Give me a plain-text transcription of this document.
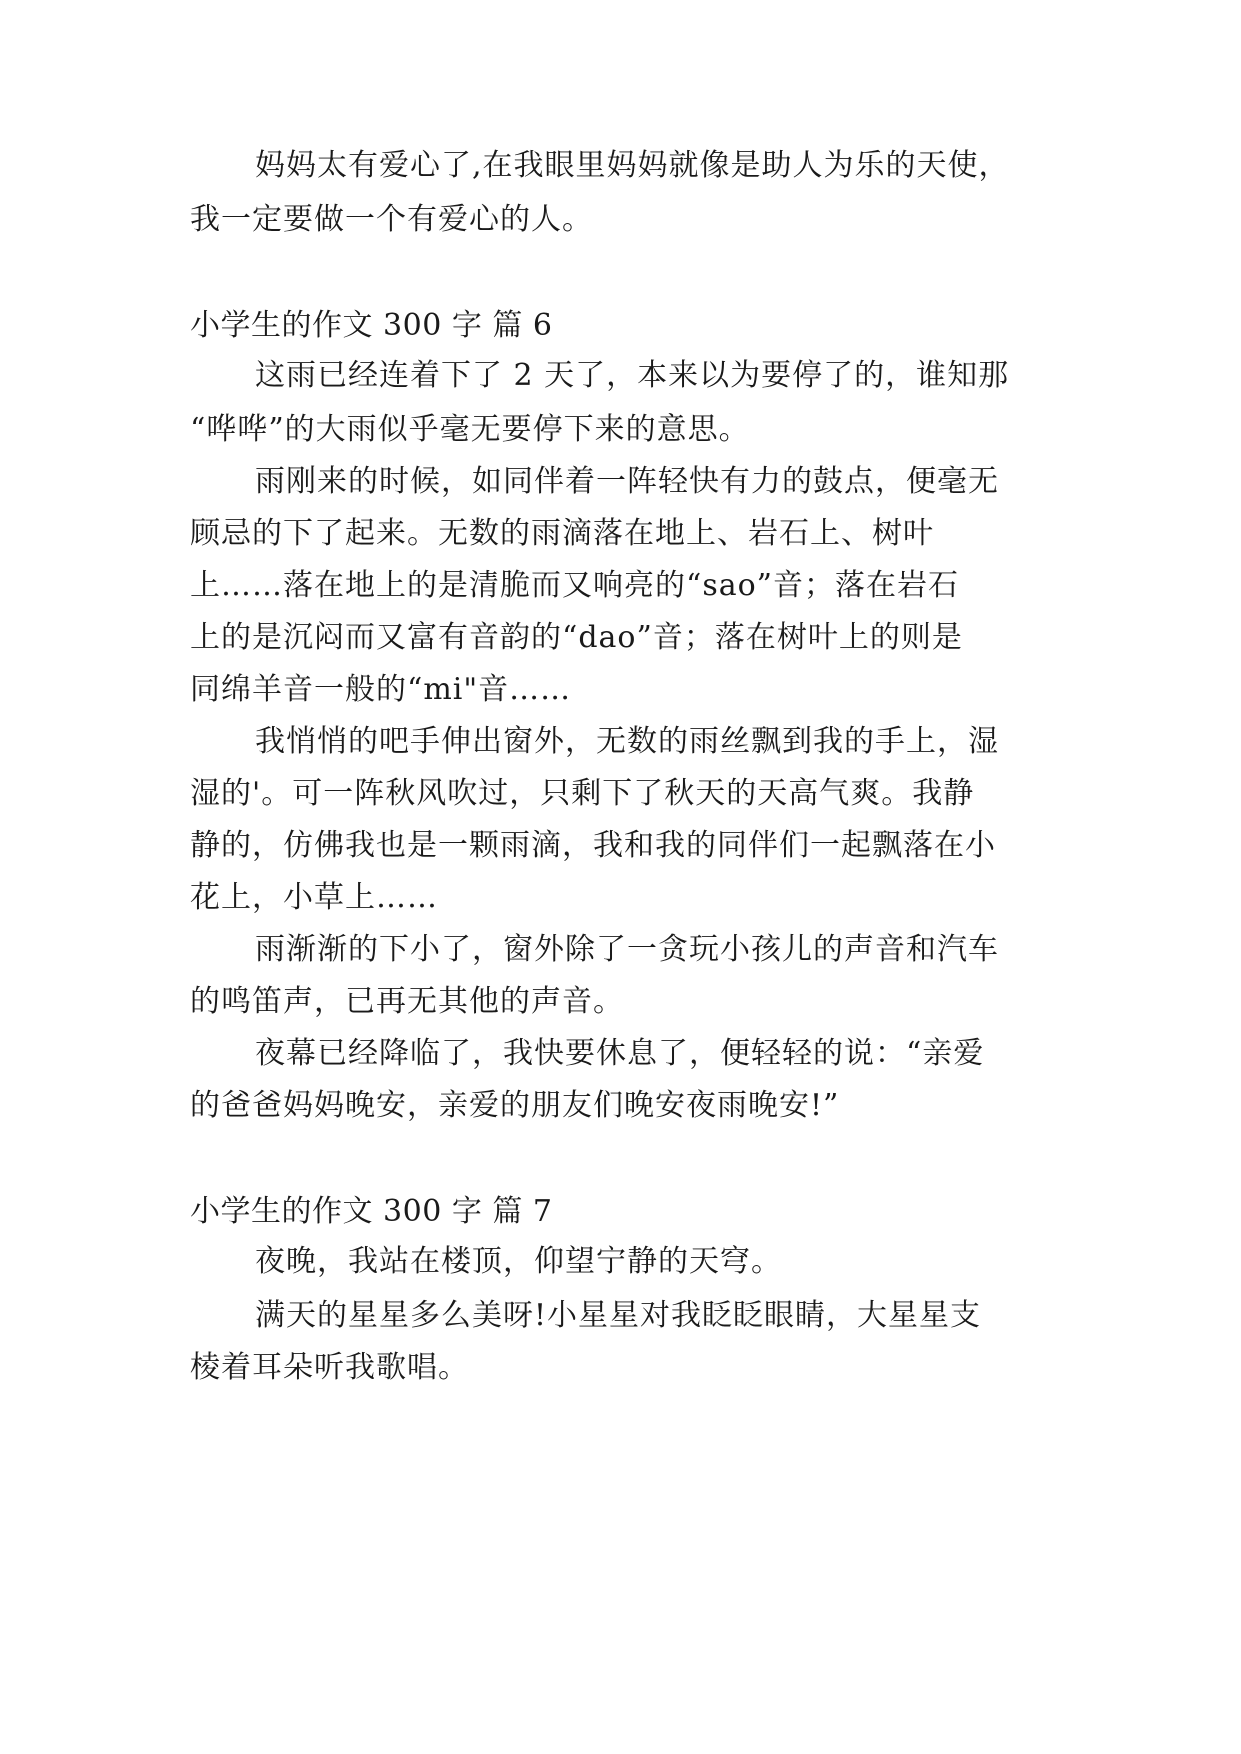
妈妈太有爱心了,在我眼里妈妈就像是助人为乐的天使，
我一定要做一个有爱心的人。
小学生的作文 300 字 篇 6
这雨已经连着下了 2 天了，本来以为要停了的，谁知那
“哗哗”的大雨似乎毫无要停下来的意思。
雨刚来的时候，如同伴着一阵轻快有力的鼓点，便毫无
顾忌的下了起来。无数的雨滴落在地上、岩石上、树叶
上……落在地上的是清脆而又响亮的“sao”音；落在岩石
上的是沉闷而又富有音韵的“dao”音；落在树叶上的则是
同绵羊音一般的“mi"音……
我悄悄的吧手伸出窗外，无数的雨丝飘到我的手上，湿
湿的'。可一阵秋风吹过，只剩下了秋天的天高气爽。我静
静的，仿佛我也是一颗雨滴，我和我的同伴们一起飘落在小
花上，小草上……
雨渐渐的下小了，窗外除了一贪玩小孩儿的声音和汽车
的鸣笛声，已再无其他的声音。
夜幕已经降临了，我快要休息了，便轻轻的说：“亲爱
的爸爸妈妈晚安，亲爱的朋友们晚安夜雨晚安!”
小学生的作文 300 字 篇 7
夜晚，我站在楼顶，仰望宁静的天穹。
满天的星星多么美呀!小星星对我眨眨眼睛，大星星支
棱着耳朵听我歌唱。
